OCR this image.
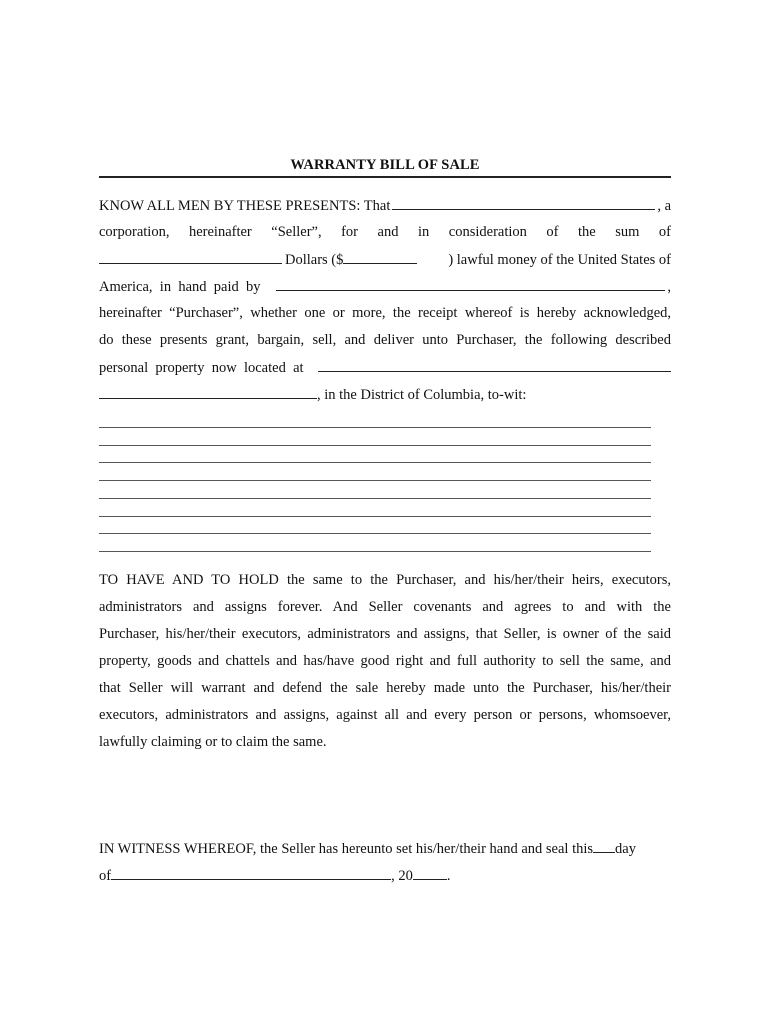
WARRANTY BILL OF SALE
KNOW ALL MEN BY THESE PRESENTS: That	, a
corporation, hereinafter “Seller”, for and in consideration of the sum of
Dollars ($	) lawful money of the United States of
America,  in  hand  paid  by	,
hereinafter “Purchaser”, whether one or more, the receipt whereof is hereby acknowledged,
do these presents grant, bargain, sell, and deliver unto Purchaser, the following described
personal  property  now  located  at
, in the District of Columbia, to-wit:
TO HAVE AND TO HOLD the same to the Purchaser, and his/her/their heirs, executors,
administrators and assigns forever. And Seller covenants and agrees to and with the
Purchaser, his/her/their executors, administrators and assigns, that Seller, is owner of the said
property, goods and chattels and has/have good right and full authority to sell the same, and
that Seller will warrant and defend the sale hereby made unto the Purchaser, his/her/their
executors, administrators and assigns, against all and every person or persons, whomsoever,
lawfully claiming or to claim the same.
IN WITNESS WHEREOF, the Seller has hereunto set his/her/their hand and seal this day
of	, 20 .
